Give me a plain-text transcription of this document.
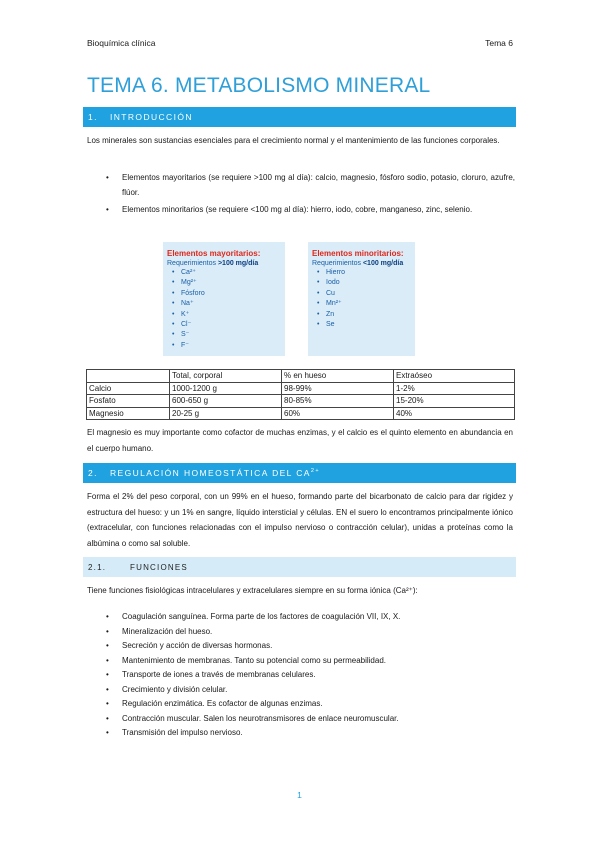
Bioquímica clínica	Tema 6
TEMA 6. METABOLISMO MINERAL
1. INTRODUCCIÓN

Los minerales son sustancias esenciales para el crecimiento normal y el mantenimiento de las funciones corporales.

• Elementos mayoritarios (se requiere >100 mg al día): calcio, magnesio, fósforo sodio, potasio, cloruro, azufre, flúor.
• Elementos minoritarios (se requiere <100 mg al día): hierro, iodo, cobre, manganeso, zinc, selenio.
Elementos mayoritarios:
Requerimientos >100 mg/día
• Ca²⁺
• Mg²⁺
• Fósforo
• Na⁺
• K⁺
• Cl⁻
• S⁻
• F⁻
Elementos minoritarios:
Requerimientos <100 mg/día
• Hierro
• Iodo
• Cu
• Mn²⁺
• Zn
• Se
	Total, corporal	% en hueso	Extraóseo
Calcio	1000-1200 g	98-99%	1-2%
Fosfato	600-650 g	80-85%	15-20%
Magnesio	20-25 g	60%	40%

El magnesio es muy importante como cofactor de muchas enzimas, y el calcio es el quinto elemento en abundancia en el cuerpo humano.

2. REGULACIÓN HOMEOSTÁTICA DEL $CA^{2+}$

Forma el 2% del peso corporal, con un 99% en el hueso, formando parte del bicarbonato de calcio para dar rigidez y estructura del hueso: y un 1% en sangre, líquido intersticial y células. EN el suero lo encontramos principalmente iónico (extracelular, con funciones relacionadas con el impulso nervioso o contracción celular), unidas a proteínas como la albúmina o como sal soluble.

2.1.	FUNCIONES

Tiene funciones fisiológicas intracelulares y extracelulares siempre en su forma iónica (Ca²⁺):

• Coagulación sanguínea. Forma parte de los factores de coagulación VII, IX, X.
• Mineralización del hueso.
• Secreción y acción de diversas hormonas.
• Mantenimiento de membranas. Tanto su potencial como su permeabilidad.
• Transporte de iones a través de membranas celulares.
• Crecimiento y división celular.
• Regulación enzimática. Es cofactor de algunas enzimas.
• Contracción muscular. Salen los neurotransmisores de enlace neuromuscular.
• Transmisión del impulso nervioso.
1
